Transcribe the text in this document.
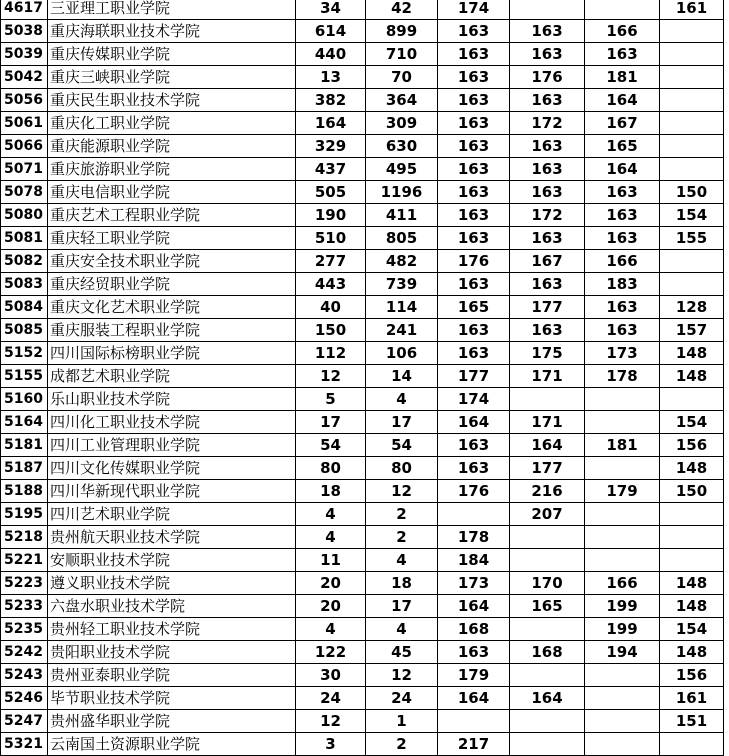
4617	三亚理工职业学院	34	42	174			161
5038	重庆海联职业技术学院	614	899	163	163	166	
5039	重庆传媒职业学院	440	710	163	163	163	
5042	重庆三峡职业学院	13	70	163	176	181	
5056	重庆民生职业技术学院	382	364	163	163	164	
5061	重庆化工职业学院	164	309	163	172	167	
5066	重庆能源职业学院	329	630	163	163	165	
5071	重庆旅游职业学院	437	495	163	163	164	
5078	重庆电信职业学院	505	1196	163	163	163	150
5080	重庆艺术工程职业学院	190	411	163	172	163	154
5081	重庆轻工职业学院	510	805	163	163	163	155
5082	重庆安全技术职业学院	277	482	176	167	166	
5083	重庆经贸职业学院	443	739	163	163	183	
5084	重庆文化艺术职业学院	40	114	165	177	163	128
5085	重庆服装工程职业学院	150	241	163	163	163	157
5152	四川国际标榜职业学院	112	106	163	175	173	148
5155	成都艺术职业学院	12	14	177	171	178	148
5160	乐山职业技术学院	5	4	174			
5164	四川化工职业技术学院	17	17	164	171		154
5181	四川工业管理职业学院	54	54	163	164	181	156
5187	四川文化传媒职业学院	80	80	163	177		148
5188	四川华新现代职业学院	18	12	176	216	179	150
5195	四川艺术职业学院	4	2		207		
5218	贵州航天职业技术学院	4	2	178			
5221	安顺职业技术学院	11	4	184			
5223	遵义职业技术学院	20	18	173	170	166	148
5233	六盘水职业技术学院	20	17	164	165	199	148
5235	贵州轻工职业技术学院	4	4	168		199	154
5242	贵阳职业技术学院	122	45	163	168	194	148
5243	贵州亚泰职业学院	30	12	179			156
5246	毕节职业技术学院	24	24	164	164		161
5247	贵州盛华职业学院	12	1				151
5321	云南国土资源职业学院	3	2	217			
